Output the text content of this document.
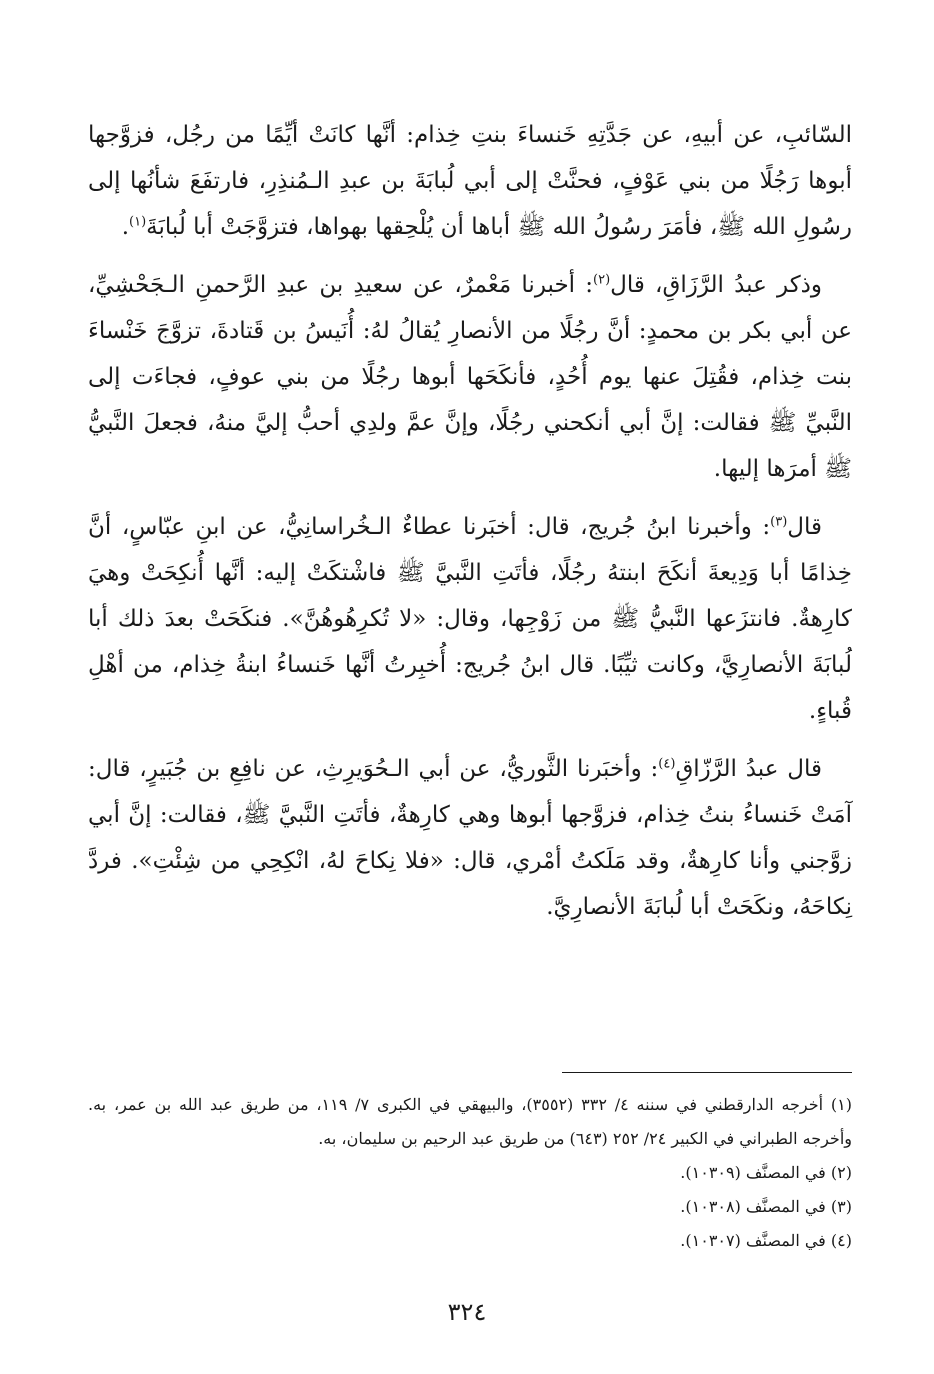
السّائبِ، عن أبيهِ، عن جَدَّتِهِ خَنساءَ بنتِ خِذام: أنَّها كانَتْ أيِّمًا من رجُل، فزوَّجها أبوها رَجُلًا من بني عَوْفٍ، فحنَّتْ إلى أبي لُبابَةَ بن عبدِ الـمُنذِرِ، فارتفَعَ شأنُها إلى رسُولِ الله ﷺ، فأمَرَ رسُولُ الله ﷺ أباها أن يُلْحِقها بهواها، فتزوَّجَتْ أبا لُبابَةَ$^{(١)}$.

وذكر عبدُ الرَّزَاقِ، قال$^{(٢)}$: أخبرنا مَعْمرٌ، عن سعيدِ بن عبدِ الرَّحمنِ الـجَحْشِيِّ، عن أبي بكر بن محمدٍ: أنَّ رجُلًا من الأنصارِ يُقالُ لهُ: أُنَيسُ بن قَتادةَ، تزوَّجَ خَنْساءَ بنت خِذام، فقُتِلَ عنها يوم أُحُدٍ، فأنكَحَها أبوها رجُلًا من بني عوفٍ، فجاءَت إلى النَّبيِّ ﷺ فقالت: إنَّ أبي أنكحني رجُلًا، وإنَّ عمَّ ولدِي أحبُّ إليَّ منهُ، فجعلَ النَّبيُّ ﷺ أمرَها إليها.

قال$^{(٣)}$: وأخبرنا ابنُ جُريج، قال: أخبَرنا عطاءٌ الـخُراسانِيُّ، عن ابنِ عبّاسٍ، أنَّ خِذامًا أبا وَدِيعةَ أنكَحَ ابنتهُ رجُلًا، فأتَتِ النَّبيَّ ﷺ فاشْتكَتْ إليه: أنَّها أُنكِحَتْ وهيَ كارِهةٌ. فانتزَعها النَّبيُّ ﷺ من زَوْجِها، وقال: «لا تُكرِهُوهُنَّ». فنكَحَتْ بعدَ ذلك أبا لُبابَةَ الأنصارِيَّ، وكانت ثيِّبًا. قال ابنُ جُريج: أُخبِرتُ أنَّها خَنساءُ ابنةُ خِذام، من أهْلِ قُباءٍ.

قال عبدُ الرَّزّاقِ$^{(٤)}$: وأخبَرنا الثَّوريُّ، عن أبي الـحُوَيرِثِ، عن نافِعِ بن جُبَيرٍ، قال: آمَتْ خَنساءُ بنتُ خِذام، فزوَّجها أبوها وهي كارِهةٌ، فأتَتِ النَّبيَّ ﷺ، فقالت: إنَّ أبي زوَّجني وأنا كارِهةٌ، وقد مَلَكتُ أمْري، قال: «فلا نِكاحَ لهُ، انْكِحِي من شِئْتِ». فردَّ نِكاحَهُ، ونكَحَتْ أبا لُبابَةَ الأنصارِيَّ.

(١) أخرجه الدارقطني في سننه ٤/ ٣٣٢ (٣٥٥٢)، والبيهقي في الكبرى ٧/ ١١٩، من طريق عبد الله بن عمر، به. وأخرجه الطبراني في الكبير ٢٤/ ٢٥٢ (٦٤٣) من طريق عبد الرحيم بن سليمان، به.
(٢) في المصنَّف (١٠٣٠٩).
(٣) في المصنَّف (١٠٣٠٨).
(٤) في المصنَّف (١٠٣٠٧).
٣٢٤
